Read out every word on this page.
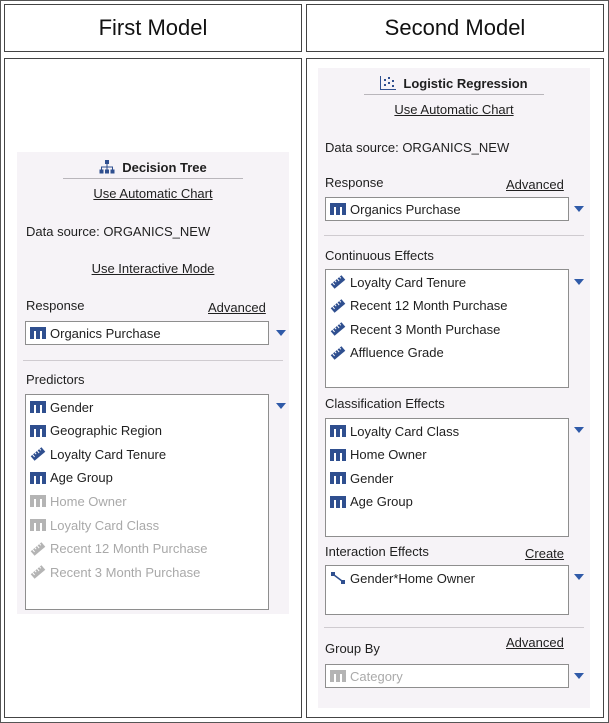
First Model	Second Model
Decision Tree
Use Automatic Chart
Data source: ORGANICS_NEW
Use Interactive Mode
Response	Advanced
Organics Purchase
Predictors
Gender
Geographic Region
Loyalty Card Tenure
Age Group
Home Owner
Loyalty Card Class
Recent 12 Month Purchase
Recent 3 Month Purchase
Logistic Regression
Use Automatic Chart
Data source: ORGANICS_NEW
Response	Advanced
Organics Purchase
Continuous Effects
Loyalty Card Tenure
Recent 12 Month Purchase
Recent 3 Month Purchase
Affluence Grade
Classification Effects
Loyalty Card Class
Home Owner
Gender
Age Group
Interaction Effects	Create
Gender*Home Owner
Group By	Advanced
Category
